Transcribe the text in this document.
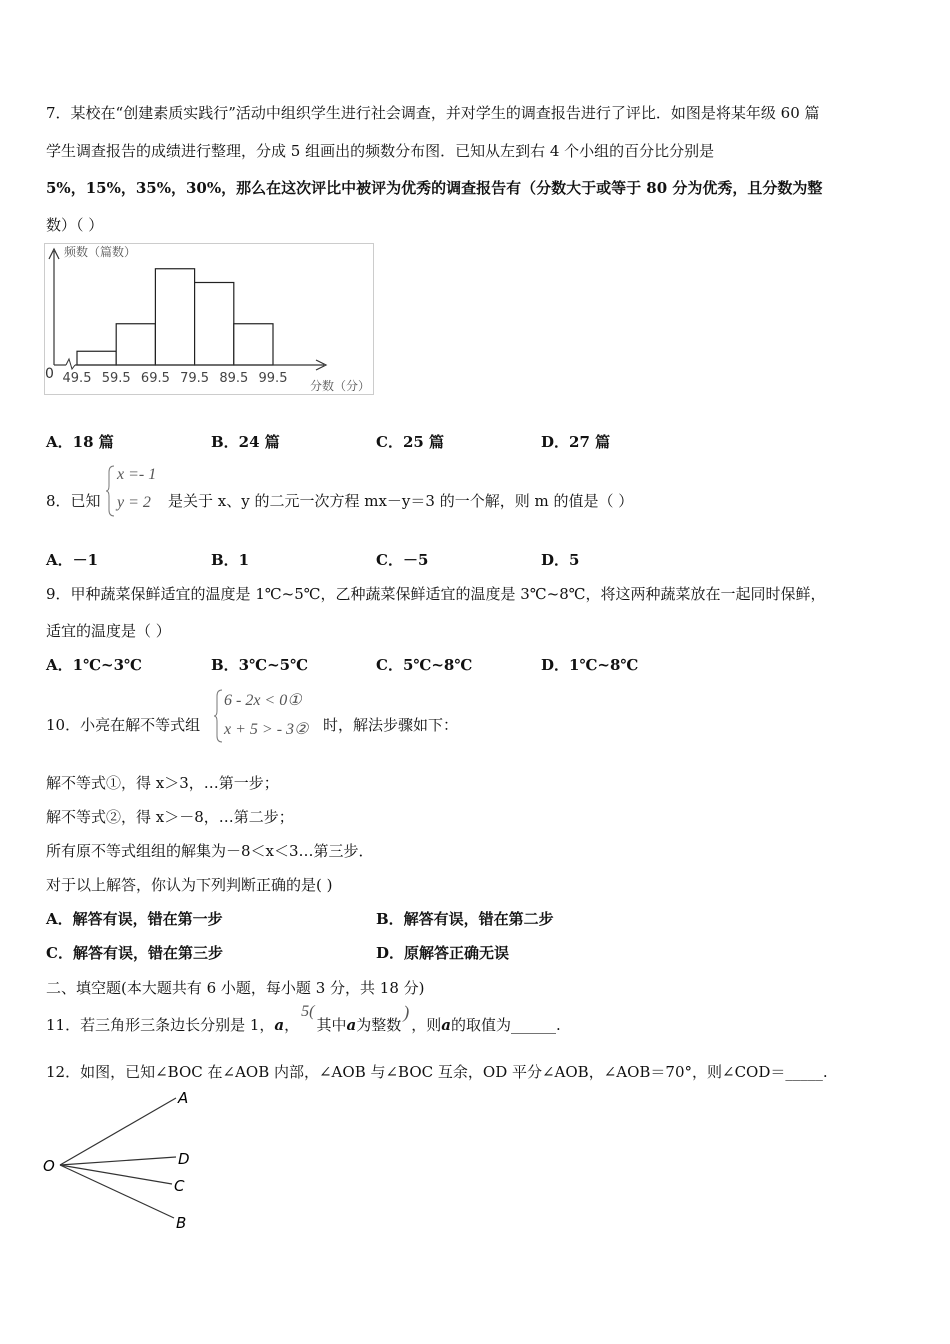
7．某校在“创建素质实践行”活动中组织学生进行社会调查，并对学生的调查报告进行了评比．如图是将某年级 60 篇
学生调查报告的成绩进行整理，分成 5 组画出的频数分布图．已知从左到右 4 个小组的百分比分别是
5%，15%，35%，30%，那么在这次评比中被评为优秀的调查报告有（分数大于或等于 80 分为优秀，且分数为整
数）（ ）
频数（篇数）
0
分数（分）
49.5 59.5 69.5 79.5 89.5 99.5
A．18 篇	B．24 篇	C．25 篇	D．27 篇
8．已知
x =- 1
y = 2 是关于 x、y 的二元一次方程 mx－y＝3 的一个解，则 m 的值是（ ）
A．－1	B．1	C．－5	D．5
9．甲种蔬菜保鲜适宜的温度是 1℃~5℃，乙种蔬菜保鲜适宜的温度是 3℃~8℃，将这两种蔬菜放在一起同时保鲜，
适宜的温度是（ ）
A．1℃~3℃	B．3℃~5℃	C．5℃~8℃	D．1℃~8℃
10．小亮在解不等式组
6 - 2x < 0①
x + 5 > - 3② 时，解法步骤如下：
解不等式①，得 x＞3，…第一步；
解不等式②，得 x＞－8，…第二步；
所有原不等式组组的解集为－8＜x＜3…第三步．
对于以上解答，你认为下列判断正确的是( )
A．解答有误，错在第一步	B．解答有误，错在第二步
C．解答有误，错在第三步	D．原解答正确无误
二、填空题(本大题共有 6 小题，每小题 3 分，共 18 分)
11．若三角形三条边长分别是 1，a，5(其中a为整数)，则a的取值为______.
12．如图，已知∠BOC 在∠AOB 内部，∠AOB 与∠BOC 互余，OD 平分∠AOB，∠AOB＝70°，则∠COD＝_____.
O
A
D
C
B
